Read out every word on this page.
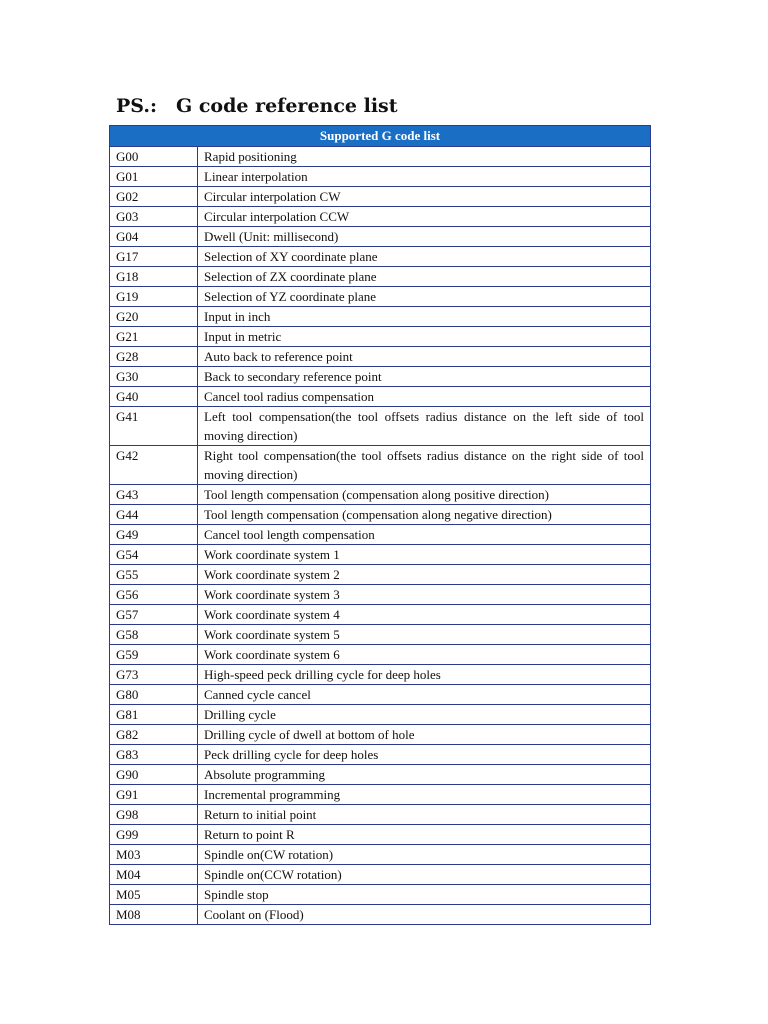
PS.: G code reference list
Supported G code list	
G00	Rapid positioning
G01	Linear interpolation
G02	Circular interpolation CW
G03	Circular interpolation CCW
G04	Dwell (Unit: millisecond)
G17	Selection of XY coordinate plane
G18	Selection of ZX coordinate plane
G19	Selection of YZ coordinate plane
G20	Input in inch
G21	Input in metric
G28	Auto back to reference point
G30	Back to secondary reference point
G40	Cancel tool radius compensation
G41	Left tool compensation(the tool offsets radius distance on the left side of tool moving direction)
G42	Right tool compensation(the tool offsets radius distance on the right side of tool moving direction)
G43	Tool length compensation (compensation along positive direction)
G44	Tool length compensation (compensation along negative direction)
G49	Cancel tool length compensation
G54	Work coordinate system 1
G55	Work coordinate system 2
G56	Work coordinate system 3
G57	Work coordinate system 4
G58	Work coordinate system 5
G59	Work coordinate system 6
G73	High-speed peck drilling cycle for deep holes
G80	Canned cycle cancel
G81	Drilling cycle
G82	Drilling cycle of dwell at bottom of hole
G83	Peck drilling cycle for deep holes
G90	Absolute programming
G91	Incremental programming
G98	Return to initial point
G99	Return to point R
M03	Spindle on(CW rotation)
M04	Spindle on(CCW rotation)
M05	Spindle stop
M08	Coolant on (Flood)
